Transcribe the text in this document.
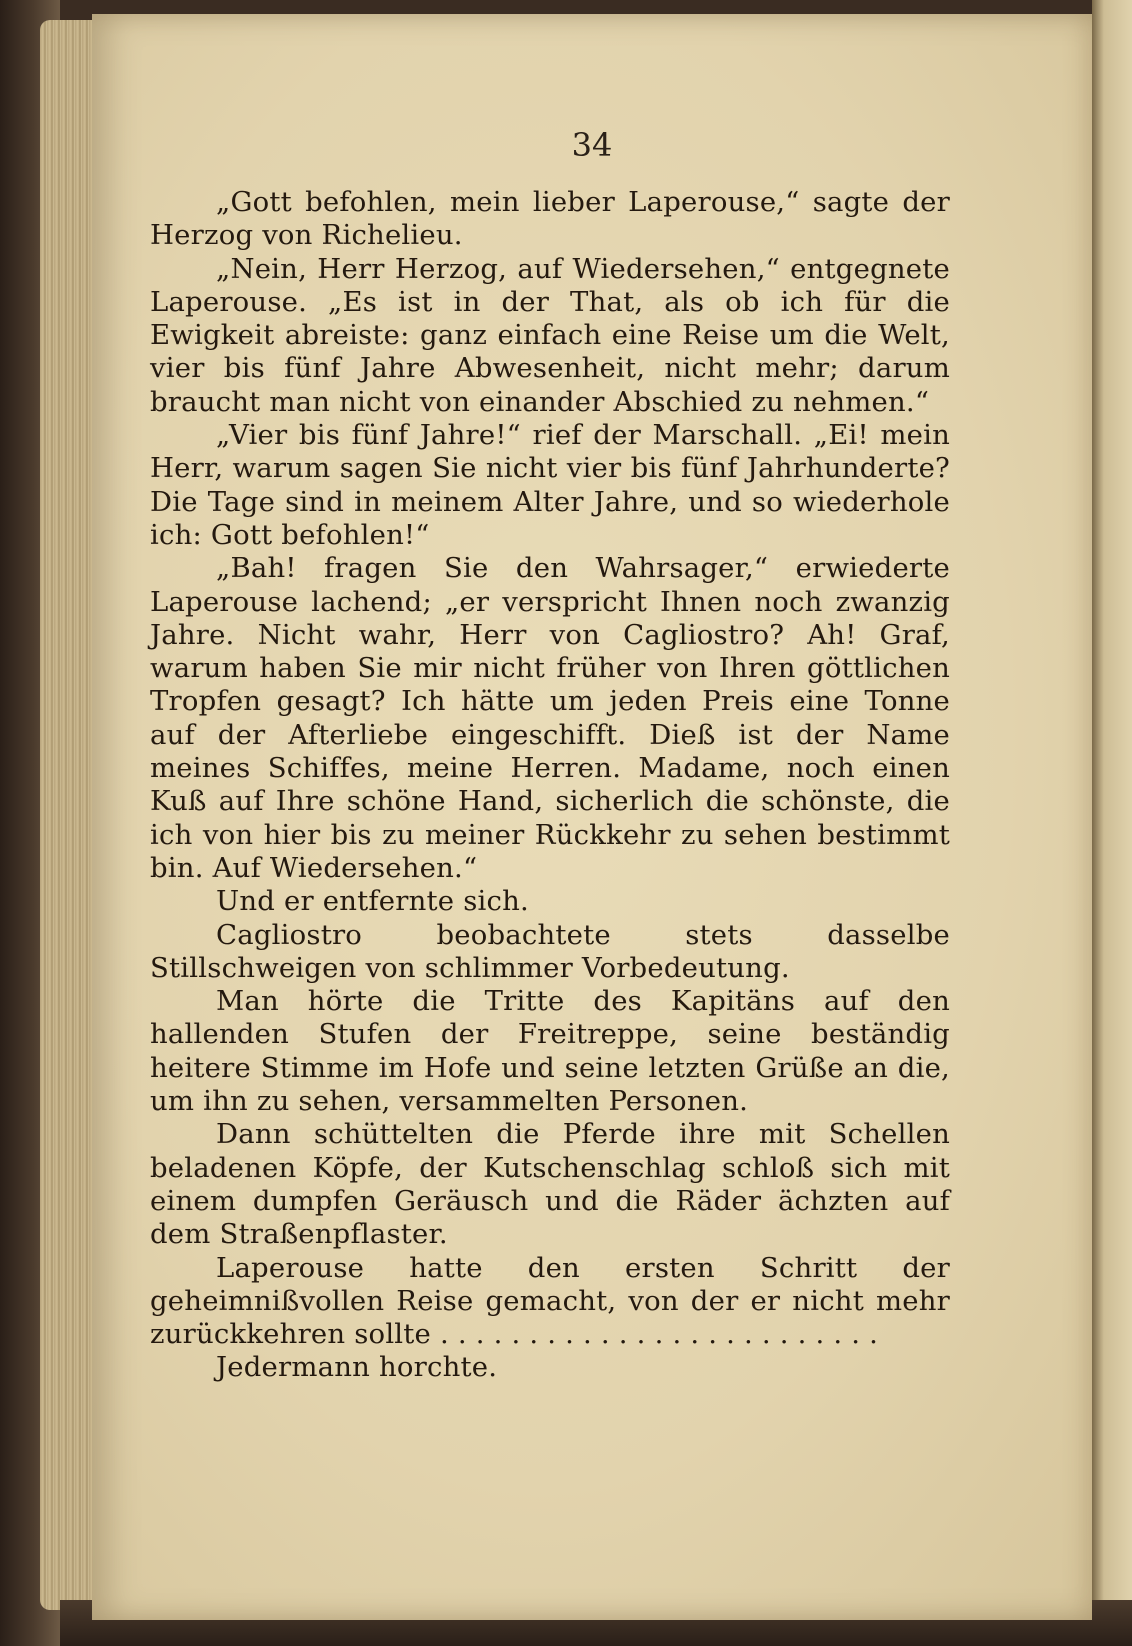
34

„Gott befohlen, mein lieber Laperouse,“ sagte der Herzog von Richelieu.

„Nein, Herr Herzog, auf Wiedersehen,“ entgegnete Laperouse. „Es ist in der That, als ob ich für die Ewigkeit abreiste: ganz einfach eine Reise um die Welt, vier bis fünf Jahre Abwesenheit, nicht mehr; darum braucht man nicht von einander Abschied zu nehmen.“

„Vier bis fünf Jahre!“ rief der Marschall. „Ei! mein Herr, warum sagen Sie nicht vier bis fünf Jahrhunderte? Die Tage sind in meinem Alter Jahre, und so wiederhole ich: Gott befohlen!“

„Bah! fragen Sie den Wahrsager,“ erwiederte Laperouse lachend; „er verspricht Ihnen noch zwanzig Jahre. Nicht wahr, Herr von Cagliostro? Ah! Graf, warum haben Sie mir nicht früher von Ihren göttlichen Tropfen gesagt? Ich hätte um jeden Preis eine Tonne auf der Afterliebe eingeschifft. Dieß ist der Name meines Schiffes, meine Herren. Madame, noch einen Kuß auf Ihre schöne Hand, sicherlich die schönste, die ich von hier bis zu meiner Rückkehr zu sehen bestimmt bin. Auf Wiedersehen.“

Und er entfernte sich.

Cagliostro beobachtete stets dasselbe Stillschweigen von schlimmer Vorbedeutung.

Man hörte die Tritte des Kapitäns auf den hallenden Stufen der Freitreppe, seine beständig heitere Stimme im Hofe und seine letzten Grüße an die, um ihn zu sehen, versammelten Personen.

Dann schüttelten die Pferde ihre mit Schellen beladenen Köpfe, der Kutschenschlag schloß sich mit einem dumpfen Geräusch und die Räder ächzten auf dem Straßenpflaster.

Laperouse hatte den ersten Schritt der geheimnißvollen Reise gemacht, von der er nicht mehr zurückkehren sollte . . . . . . . . . . . . . . . . . . . . . . . . .

Jedermann horchte.
